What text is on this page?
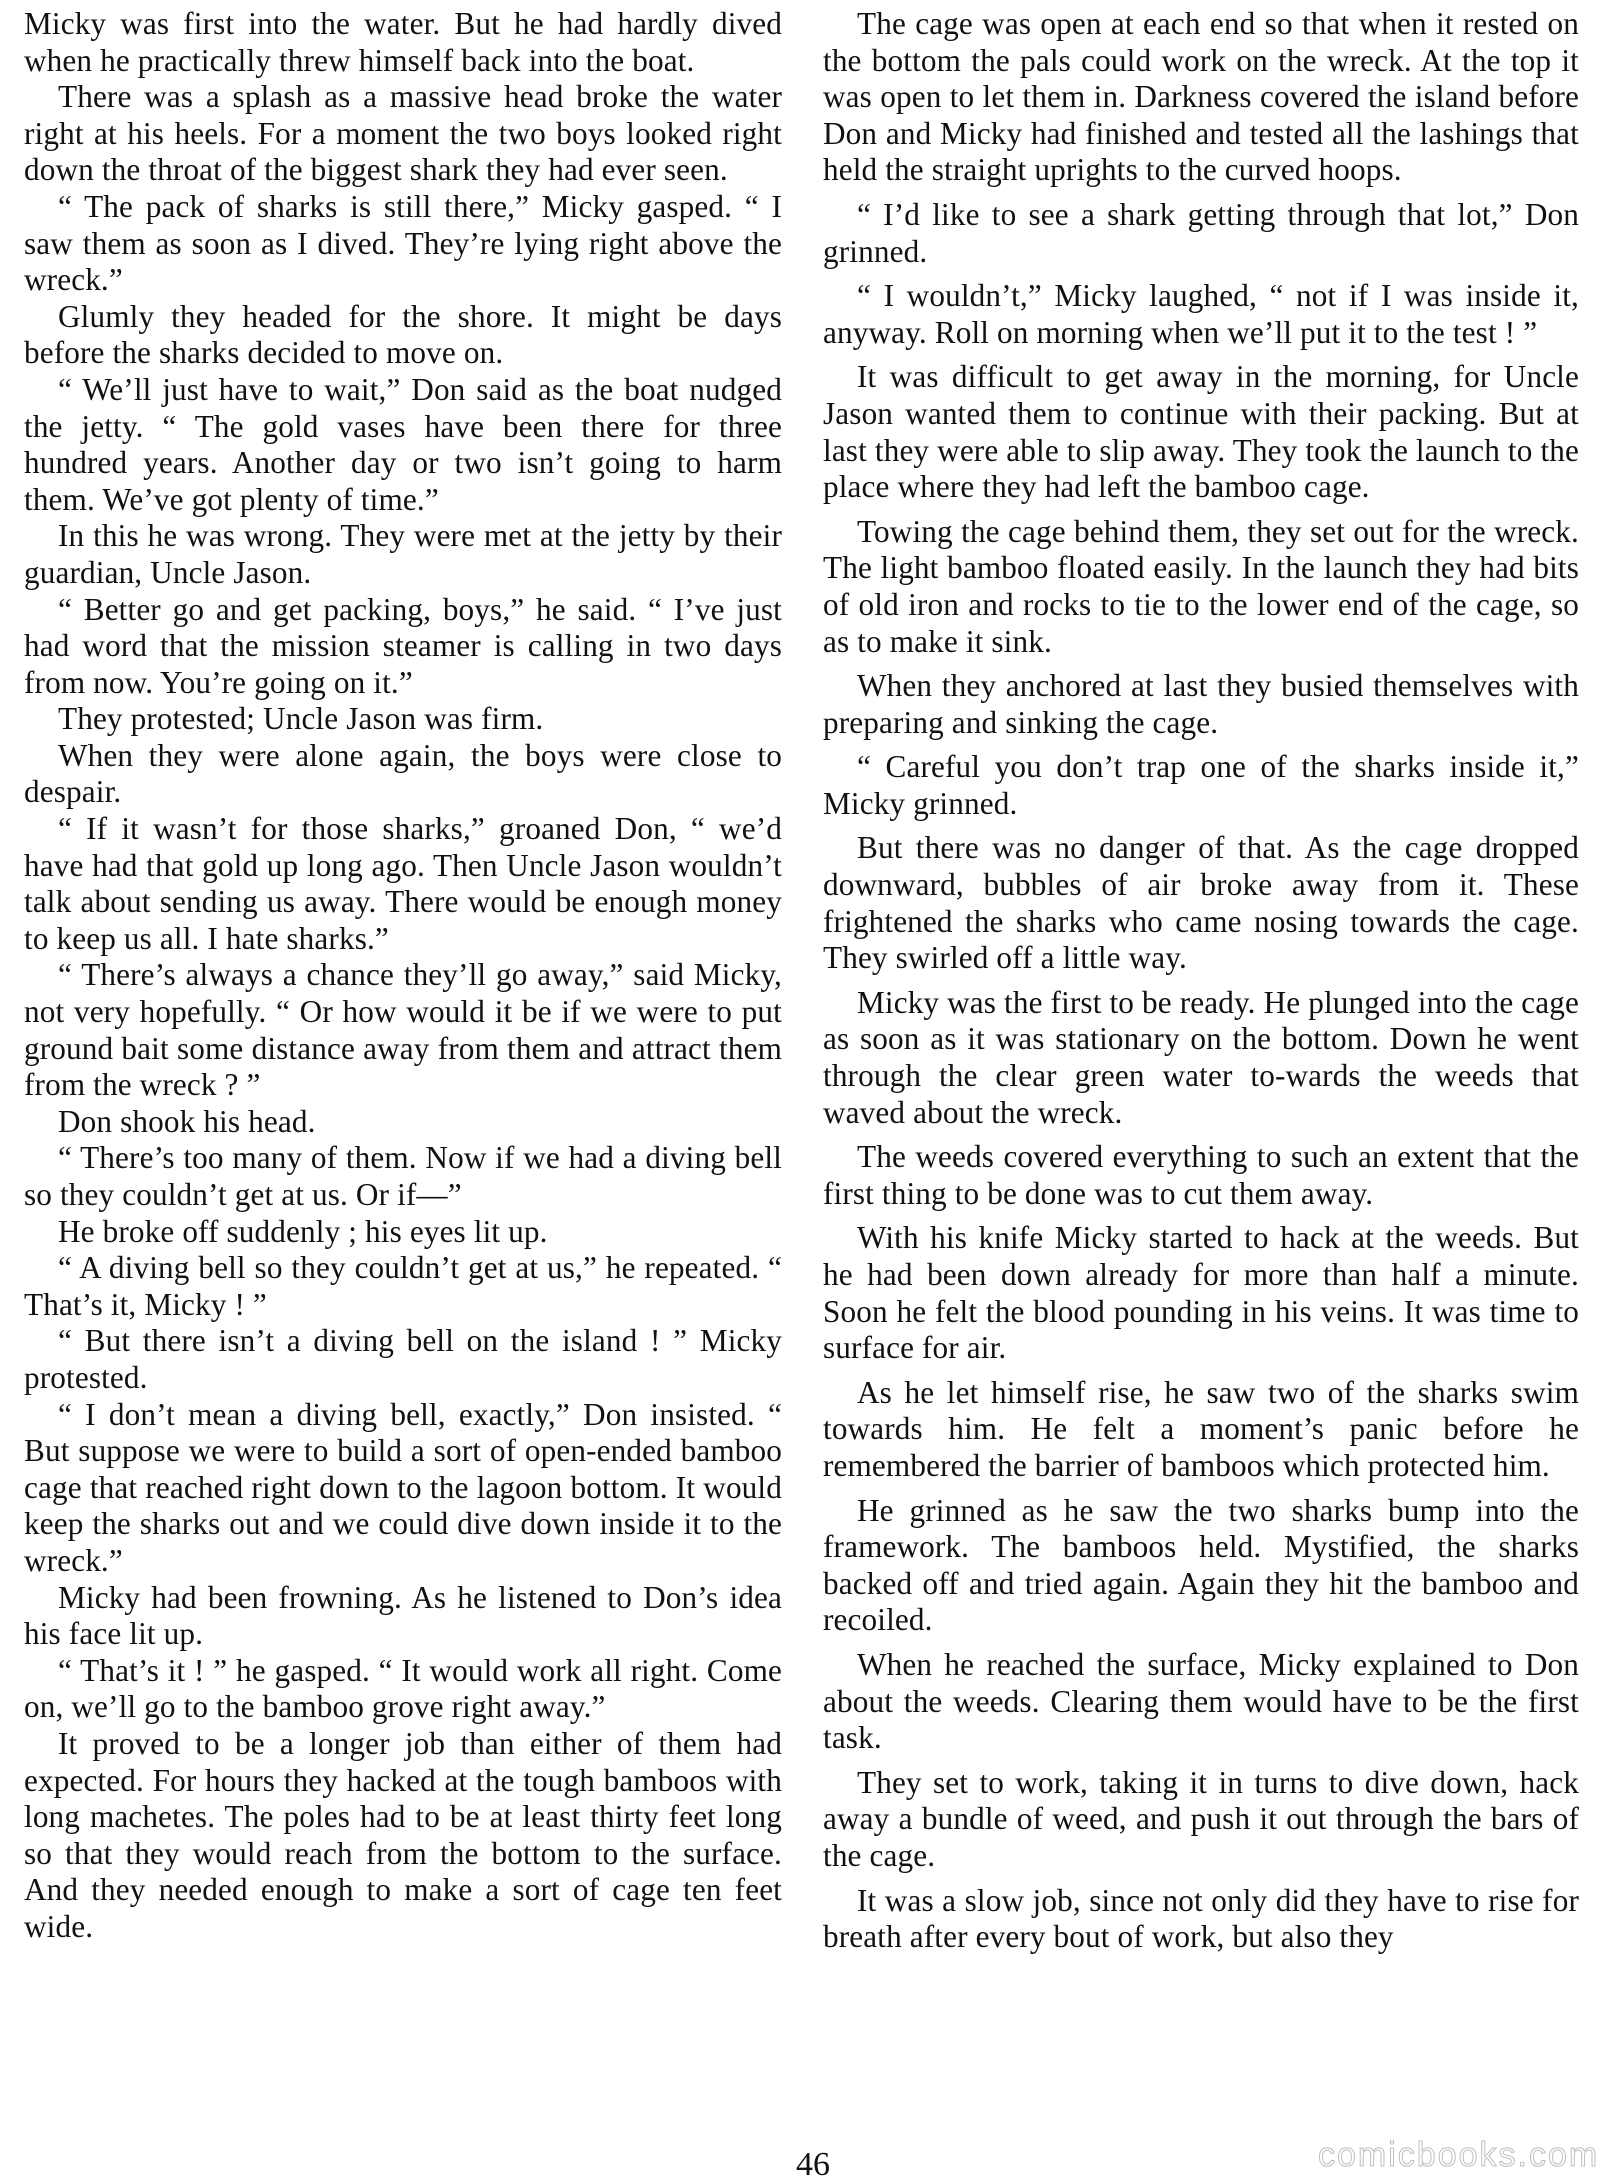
Micky was first into the water. But he had hardly dived when he practically threw himself back into the boat.

There was a splash as a massive head broke the water right at his heels. For a moment the two boys looked right down the throat of the biggest shark they had ever seen.

“ The pack of sharks is still there,” Micky gasped. “ I saw them as soon as I dived. They’re lying right above the wreck.”

Glumly they headed for the shore. It might be days before the sharks decided to move on.

“ We’ll just have to wait,” Don said as the boat nudged the jetty. “ The gold vases have been there for three hundred years. Another day or two isn’t going to harm them. We’ve got plenty of time.”

In this he was wrong. They were met at the jetty by their guardian, Uncle Jason.

“ Better go and get packing, boys,” he said. “ I’ve just had word that the mission steamer is calling in two days from now. You’re going on it.”

They protested; Uncle Jason was firm.

When they were alone again, the boys were close to despair.

“ If it wasn’t for those sharks,” groaned Don, “ we’d have had that gold up long ago. Then Uncle Jason wouldn’t talk about sending us away. There would be enough money to keep us all. I hate sharks.”

“ There’s always a chance they’ll go away,” said Micky, not very hopefully. “ Or how would it be if we were to put ground bait some distance away from them and attract them from the wreck ? ”

Don shook his head.

“ There’s too many of them. Now if we had a diving bell so they couldn’t get at us. Or if—”

He broke off suddenly ; his eyes lit up.

“ A diving bell so they couldn’t get at us,” he repeated. “ That’s it, Micky ! ”

“ But there isn’t a diving bell on the island ! ” Micky protested.

“ I don’t mean a diving bell, exactly,” Don insisted. “ But suppose we were to build a sort of open-ended bamboo cage that reached right down to the lagoon bottom. It would keep the sharks out and we could dive down inside it to the wreck.”

Micky had been frowning. As he listened to Don’s idea his face lit up.

“ That’s it ! ” he gasped. “ It would work all right. Come on, we’ll go to the bamboo grove right away.”

It proved to be a longer job than either of them had expected. For hours they hacked at the tough bamboos with long machetes. The poles had to be at least thirty feet long so that they would reach from the bottom to the surface. And they needed enough to make a sort of cage ten feet wide.

The cage was open at each end so that when it rested on the bottom the pals could work on the wreck. At the top it was open to let them in. Darkness covered the island before Don and Micky had finished and tested all the lashings that held the straight uprights to the curved hoops.

“ I’d like to see a shark getting through that lot,” Don grinned.

“ I wouldn’t,” Micky laughed, “ not if I was inside it, anyway. Roll on morning when we’ll put it to the test ! ”

It was difficult to get away in the morning, for Uncle Jason wanted them to continue with their packing. But at last they were able to slip away. They took the launch to the place where they had left the bamboo cage.

Towing the cage behind them, they set out for the wreck. The light bamboo floated easily. In the launch they had bits of old iron and rocks to tie to the lower end of the cage, so as to make it sink.

When they anchored at last they busied themselves with preparing and sinking the cage.

“ Careful you don’t trap one of the sharks inside it,” Micky grinned.

But there was no danger of that. As the cage dropped downward, bubbles of air broke away from it. These frightened the sharks who came nosing towards the cage. They swirled off a little way.

Micky was the first to be ready. He plunged into the cage as soon as it was stationary on the bottom. Down he went through the clear green water to-wards the weeds that waved about the wreck.

The weeds covered everything to such an extent that the first thing to be done was to cut them away.

With his knife Micky started to hack at the weeds. But he had been down already for more than half a minute. Soon he felt the blood pounding in his veins. It was time to surface for air.

As he let himself rise, he saw two of the sharks swim towards him. He felt a moment’s panic before he remembered the barrier of bamboos which protected him.

He grinned as he saw the two sharks bump into the framework. The bamboos held. Mystified, the sharks backed off and tried again. Again they hit the bamboo and recoiled.

When he reached the surface, Micky explained to Don about the weeds. Clearing them would have to be the first task.

They set to work, taking it in turns to dive down, hack away a bundle of weed, and push it out through the bars of the cage.

It was a slow job, since not only did they have to rise for breath after every bout of work, but also they

46	comicbooks.com
